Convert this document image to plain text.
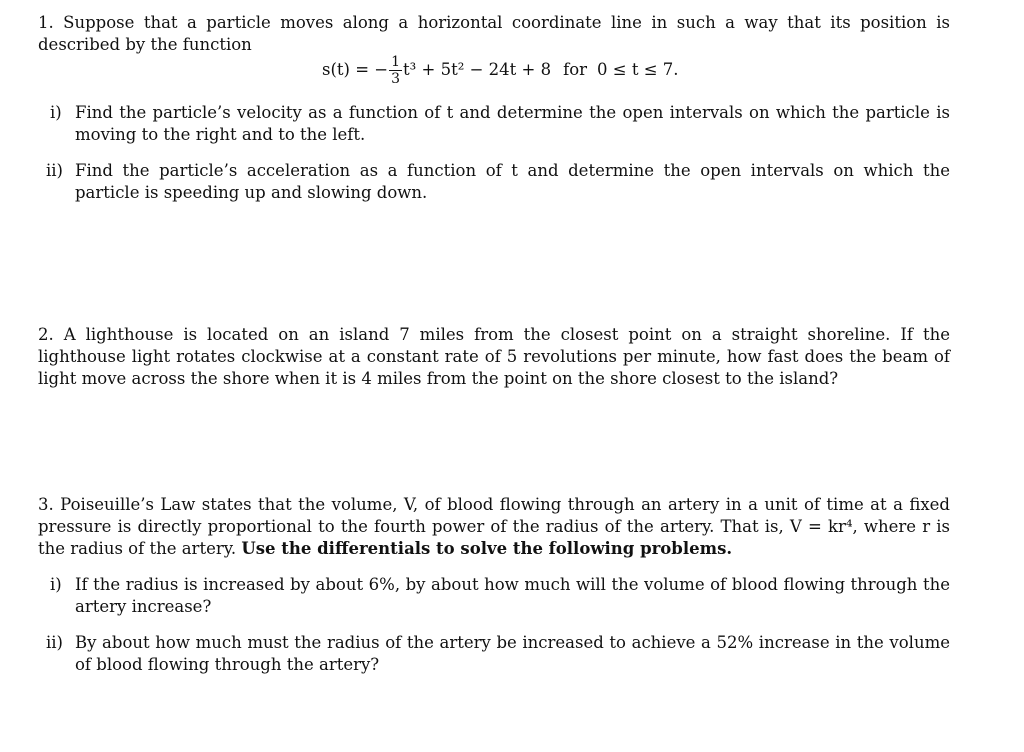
1. Suppose that a particle moves along a horizontal coordinate line in such a way that its position is described by the function

s(t) = − $\frac{1}{3} t^3 + 5t^2 - 24t + 8$ for 0 ≤ t ≤ 7.
i) Find the particle’s velocity as a function of t and determine the open intervals on which the particle is moving to the right and to the left.

ii) Find the particle’s acceleration as a function of t and determine the open intervals on which the particle is speeding up and slowing down.

2. A lighthouse is located on an island 7 miles from the closest point on a straight shoreline. If the lighthouse light rotates clockwise at a constant rate of 5 revolutions per minute, how fast does the beam of light move across the shore when it is 4 miles from the point on the shore closest to the island?

3. Poiseuille’s Law states that the volume, V, of blood flowing through an artery in a unit of time at a fixed pressure is directly proportional to the fourth power of the radius of the artery. That is, V = kr⁴, where r is the radius of the artery. Use the differentials to solve the following problems.

i) If the radius is increased by about 6%, by about how much will the volume of blood flowing through the artery increase?

ii) By about how much must the radius of the artery be increased to achieve a 52% increase in the volume of blood flowing through the artery?
